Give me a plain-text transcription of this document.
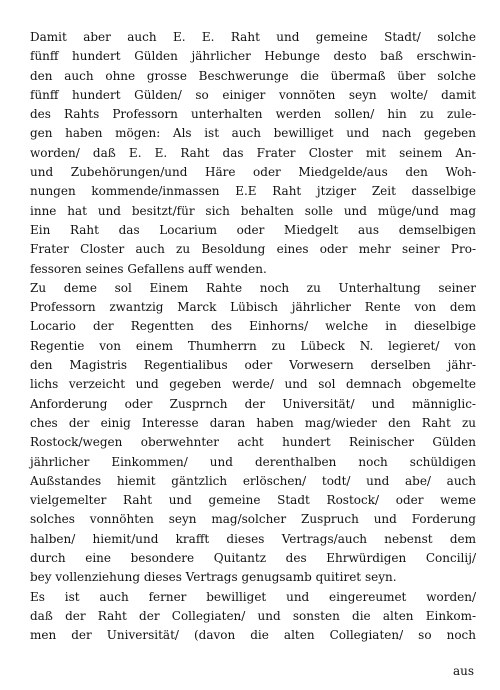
Damit aber auch E. E. Raht und gemeine Stadt/ solche
fünff hundert Gülden jährlicher Hebunge desto baß erschwin-
den auch ohne grosse Beschwerunge die übermaß über solche
fünff hundert Gülden/ so einiger vonnöten seyn wolte/ damit
des Rahts Professorn unterhalten werden sollen/ hin zu zule-
gen haben mögen: Als ist auch bewilliget und nach gegeben
worden/ daß E. E. Raht das Frater Closter mit seinem An-
und Zubehörungen/und Häre oder Miedgelde/aus den Woh-
nungen kommende/inmassen E.E Raht jtziger Zeit dasselbige
inne hat und besitzt/für sich behalten solle und müge/und mag
Ein Raht das Locarium oder Miedgelt aus demselbigen
Frater Closter auch zu Besoldung eines oder mehr seiner Pro-
fessoren seines Gefallens auff wenden.
Zu deme sol Einem Rahte noch zu Unterhaltung seiner
Professorn zwantzig Marck Lübisch jährlicher Rente von dem
Locario der Regentten des Einhorns/ welche in dieselbige
Regentie von einem Thumherrn zu Lübeck N. legieret/ von
den Magistris Regentialibus oder Vorwesern derselben jähr-
lichs verzeicht und gegeben werde/ und sol demnach obgemelte
Anforderung oder Zusprnch der Universität/ und männiglic-
ches der einig Interesse daran haben mag/wieder den Raht zu
Rostock/wegen oberwehnter acht hundert Reinischer Gülden
jährlicher Einkommen/ und derenthalben noch schüldigen
Außstandes hiemit gäntzlich erlöschen/ todt/ und abe/ auch
vielgemelter Raht und gemeine Stadt Rostock/ oder weme
solches vonnöhten seyn mag/solcher Zuspruch und Forderung
halben/ hiemit/und krafft dieses Vertrags/auch nebenst dem
durch eine besondere Quitantz des Ehrwürdigen Concilij/
bey vollenziehung dieses Vertrags genugsamb quitiret seyn.
Es ist auch ferner bewilliget und eingereumet worden/
daß der Raht der Collegiaten/ und sonsten die alten Einkom-
men der Universität/ (davon die alten Collegiaten/ so noch
aus
